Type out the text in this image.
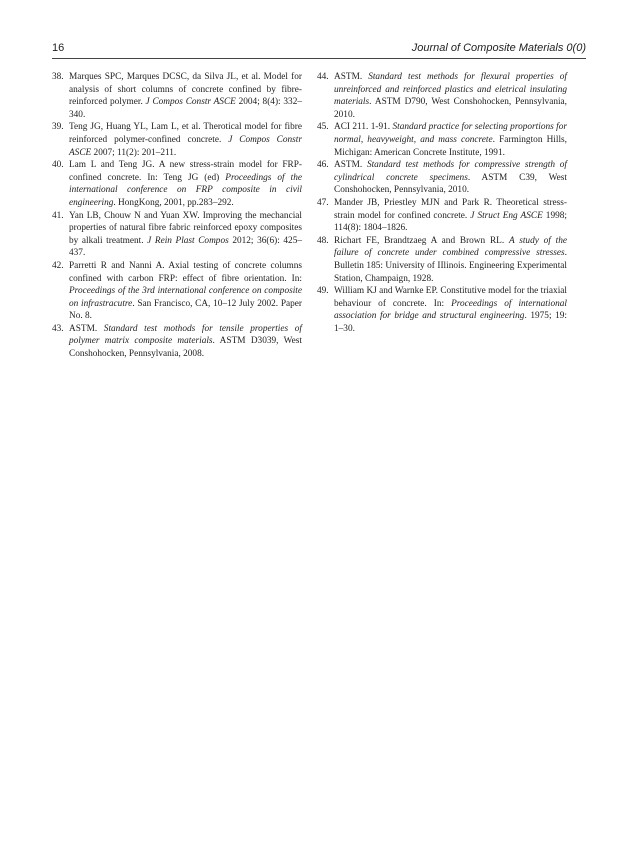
16	Journal of Composite Materials 0(0)
38. Marques SPC, Marques DCSC, da Silva JL, et al. Model for analysis of short columns of concrete confined by fibre-reinforced polymer. J Compos Constr ASCE 2004; 8(4): 332–340.
39. Teng JG, Huang YL, Lam L, et al. Therotical model for fibre reinforced polymer-confined concrete. J Compos Constr ASCE 2007; 11(2): 201–211.
40. Lam L and Teng JG. A new stress-strain model for FRP-confined concrete. In: Teng JG (ed) Proceedings of the international conference on FRP composite in civil engineering. HongKong, 2001, pp.283–292.
41. Yan LB, Chouw N and Yuan XW. Improving the mechancial properties of natural fibre fabric reinforced epoxy composites by alkali treatment. J Rein Plast Compos 2012; 36(6): 425–437.
42. Parretti R and Nanni A. Axial testing of concrete columns confined with carbon FRP: effect of fibre orientation. In: Proceedings of the 3rd international conference on composite on infrastracutre. San Francisco, CA, 10–12 July 2002. Paper No. 8.
43. ASTM. Standard test mothods for tensile properties of polymer matrix composite materials. ASTM D3039, West Conshohocken, Pennsylvania, 2008.
44. ASTM. Standard test methods for flexural properties of unreinforced and reinforced plastics and eletrical insulating materials. ASTM D790, West Conshohocken, Pennsylvania, 2010.
45. ACI 211. 1-91. Standard practice for selecting proportions for normal, heavyweight, and mass concrete. Farmington Hills, Michigan: American Concrete Institute, 1991.
46. ASTM. Standard test methods for compressive strength of cylindrical concrete specimens. ASTM C39, West Conshohocken, Pennsylvania, 2010.
47. Mander JB, Priestley MJN and Park R. Theoretical stress-strain model for confined concrete. J Struct Eng ASCE 1998; 114(8): 1804–1826.
48. Richart FE, Brandtzaeg A and Brown RL. A study of the failure of concrete under combined compressive stresses. Bulletin 185: University of IIlinois. Engineering Experimental Station, Champaign, 1928.
49. William KJ and Warnke EP. Constitutive model for the triaxial behaviour of concrete. In: Proceedings of international association for bridge and structural engineering. 1975; 19: 1–30.
